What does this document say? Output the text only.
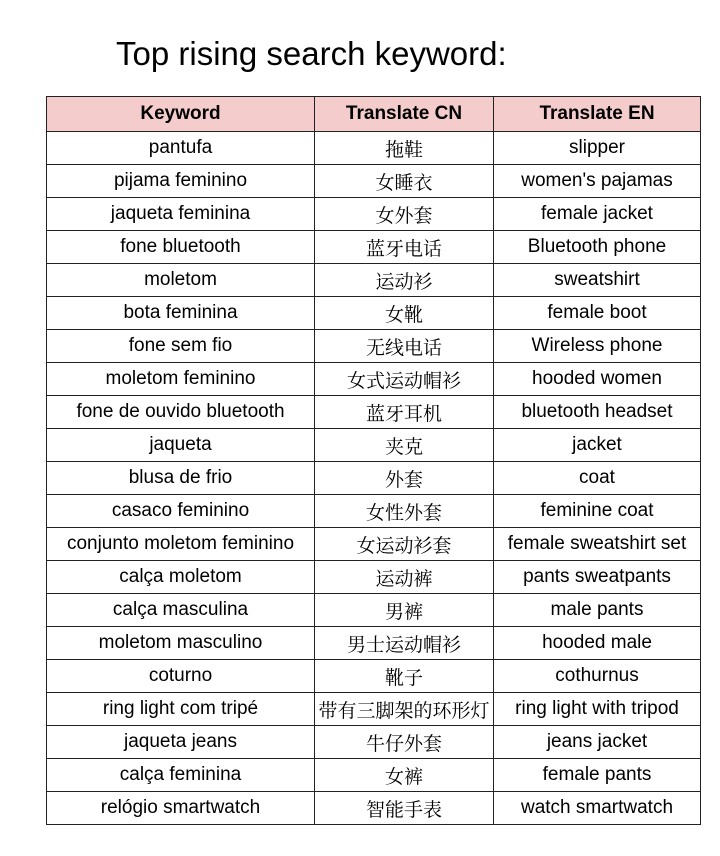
Top rising search keyword:
Keyword	Translate CN	Translate EN
pantufa	拖鞋	slipper
pijama feminino	女睡衣	women's pajamas
jaqueta feminina	女外套	female jacket
fone bluetooth	蓝牙电话	Bluetooth phone
moletom	运动衫	sweatshirt
bota feminina	女靴	female boot
fone sem fio	无线电话	Wireless phone
moletom feminino	女式运动帽衫	hooded women
fone de ouvido bluetooth	蓝牙耳机	bluetooth headset
jaqueta	夹克	jacket
blusa de frio	外套	coat
casaco feminino	女性外套	feminine coat
conjunto moletom feminino	女运动衫套	female sweatshirt set
calça moletom	运动裤	pants sweatpants
calça masculina	男裤	male pants
moletom masculino	男士运动帽衫	hooded male
coturno	靴子	cothurnus
ring light com tripé	带有三脚架的环形灯	ring light with tripod
jaqueta jeans	牛仔外套	jeans jacket
calça feminina	女裤	female pants
relógio smartwatch	智能手表	watch smartwatch
